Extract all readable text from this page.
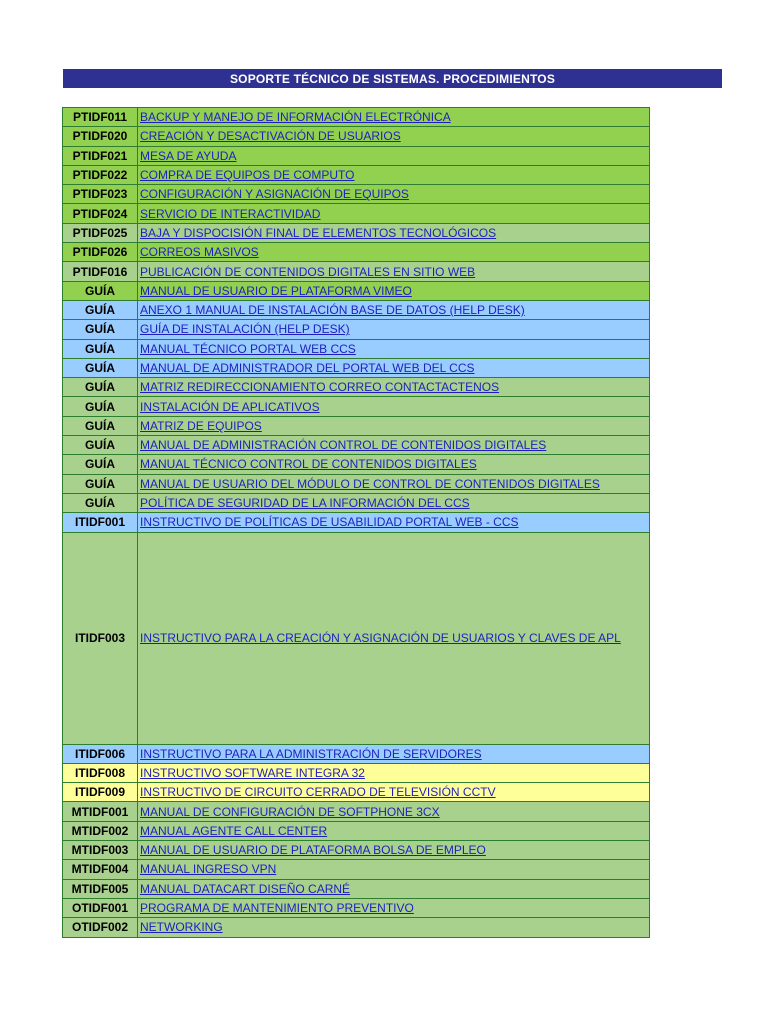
SOPORTE TÉCNICO DE SISTEMAS. PROCEDIMIENTOS
PTIDF011	BACKUP Y MANEJO DE INFORMACIÓN ELECTRÓNICA
PTIDF020	CREACIÓN Y DESACTIVACIÓN DE USUARIOS
PTIDF021	MESA DE AYUDA
PTIDF022	COMPRA DE EQUIPOS DE COMPUTO
PTIDF023	CONFIGURACIÓN Y ASIGNACIÓN DE EQUIPOS
PTIDF024	SERVICIO DE INTERACTIVIDAD
PTIDF025	BAJA Y DISPOCISIÓN FINAL DE ELEMENTOS TECNOLÓGICOS
PTIDF026	CORREOS MASIVOS
PTIDF016	PUBLICACIÓN DE CONTENIDOS DIGITALES EN SITIO WEB
GUÍA	MANUAL DE USUARIO DE PLATAFORMA VIMEO
GUÍA	ANEXO 1 MANUAL DE INSTALACIÓN BASE DE DATOS (HELP DESK)
GUÍA	GUÍA DE INSTALACIÓN (HELP DESK)
GUÍA	MANUAL TÉCNICO PORTAL WEB CCS
GUÍA	MANUAL DE ADMINISTRADOR DEL PORTAL WEB DEL CCS
GUÍA	MATRIZ REDIRECCIONAMIENTO CORREO CONTACTACTENOS
GUÍA	INSTALACIÓN DE APLICATIVOS
GUÍA	MATRIZ DE EQUIPOS
GUÍA	MANUAL DE ADMINISTRACIÓN CONTROL DE CONTENIDOS DIGITALES
GUÍA	MANUAL TÉCNICO CONTROL DE CONTENIDOS DIGITALES
GUÍA	MANUAL DE USUARIO DEL MÓDULO DE CONTROL DE CONTENIDOS DIGITALES
GUÍA	POLÍTICA DE SEGURIDAD DE LA INFORMACIÓN DEL CCS
ITIDF001	INSTRUCTIVO DE POLÍTICAS DE USABILIDAD PORTAL WEB - CCS
ITIDF003	INSTRUCTIVO PARA LA CREACIÓN Y ASIGNACIÓN DE USUARIOS Y CLAVES DE APL
ITIDF006	INSTRUCTIVO PARA LA ADMINISTRACIÓN DE SERVIDORES
ITIDF008	INSTRUCTIVO SOFTWARE INTEGRA 32
ITIDF009	INSTRUCTIVO DE CIRCUITO CERRADO DE TELEVISIÓN CCTV
MTIDF001	MANUAL DE CONFIGURACIÓN DE SOFTPHONE 3CX
MTIDF002	MANUAL AGENTE CALL CENTER
MTIDF003	MANUAL DE USUARIO DE PLATAFORMA BOLSA DE EMPLEO
MTIDF004	MANUAL INGRESO VPN
MTIDF005	MANUAL DATACART DISEÑO CARNÉ
OTIDF001	PROGRAMA DE MANTENIMIENTO PREVENTIVO
OTIDF002	NETWORKING
